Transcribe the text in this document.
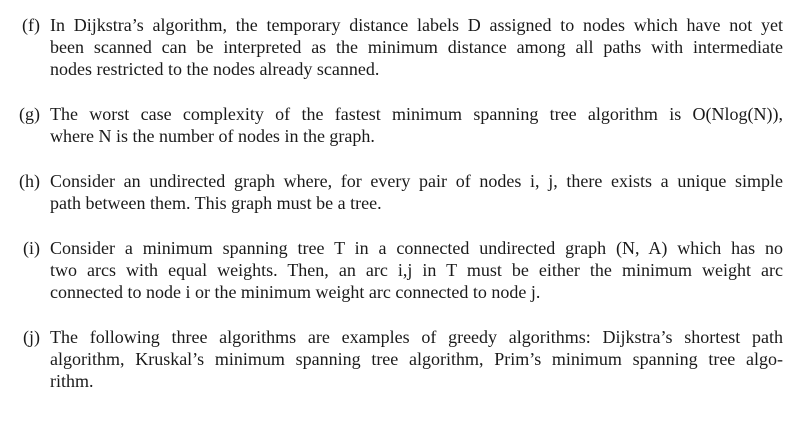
(f) In Dijkstra’s algorithm, the temporary distance labels D assigned to nodes which have not yet
been scanned can be interpreted as the minimum distance among all paths with intermediate
nodes restricted to the nodes already scanned.
(g) The worst case complexity of the fastest minimum spanning tree algorithm is O(Nlog(N)),
where N is the number of nodes in the graph.
(h) Consider an undirected graph where, for every pair of nodes i, j, there exists a unique simple
path between them. This graph must be a tree.
(i) Consider a minimum spanning tree T in a connected undirected graph (N, A) which has no
two arcs with equal weights. Then, an arc i,j in T must be either the minimum weight arc
connected to node i or the minimum weight arc connected to node j.
(j) The following three algorithms are examples of greedy algorithms: Dijkstra’s shortest path
algorithm, Kruskal’s minimum spanning tree algorithm, Prim’s minimum spanning tree algo-
rithm.
